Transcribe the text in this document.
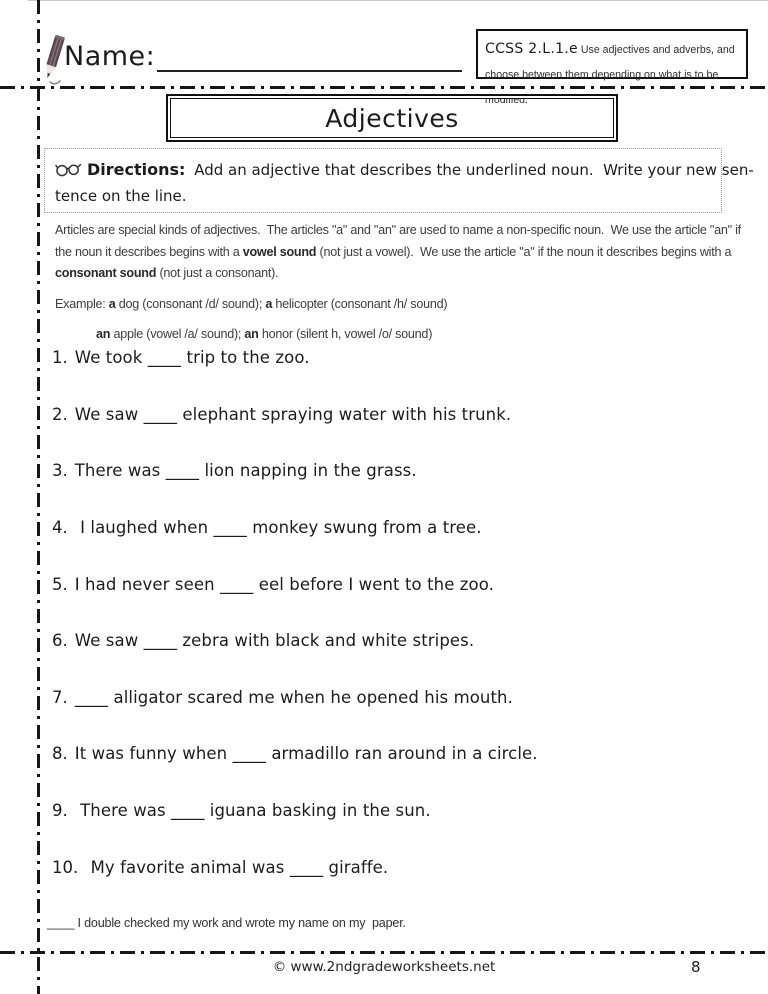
Name:	CCSS 2.L.1.e Use adjectives and adverbs, and choose between them depending on what is to be modified.
Adjectives
Directions: Add an adjective that describes the underlined noun.  Write your new sen-
tence on the line.
Articles are special kinds of adjectives.  The articles "a" and "an" are used to name a non-specific noun.  We use the article "an" if
the noun it describes begins with a vowel sound (not just a vowel).  We use the article "a" if the noun it describes begins with a
consonant sound (not just a consonant).
Example: a dog (consonant /d/ sound); a helicopter (consonant /h/ sound)
an apple (vowel /a/ sound); an honor (silent h, vowel /o/ sound)
1. We took ____ trip to the zoo.
2. We saw ____ elephant spraying water with his trunk.
3. There was ____ lion napping in the grass.
4. I laughed when ____ monkey swung from a tree.
5. I had never seen ____ eel before I went to the zoo.
6. We saw ____ zebra with black and white stripes.
7. ____ alligator scared me when he opened his mouth.
8. It was funny when ____ armadillo ran around in a circle.
9. There was ____ iguana basking in the sun.
10. My favorite animal was ____ giraffe.
____ I double checked my work and wrote my name on my  paper.
© www.2ndgradeworksheets.net	8
